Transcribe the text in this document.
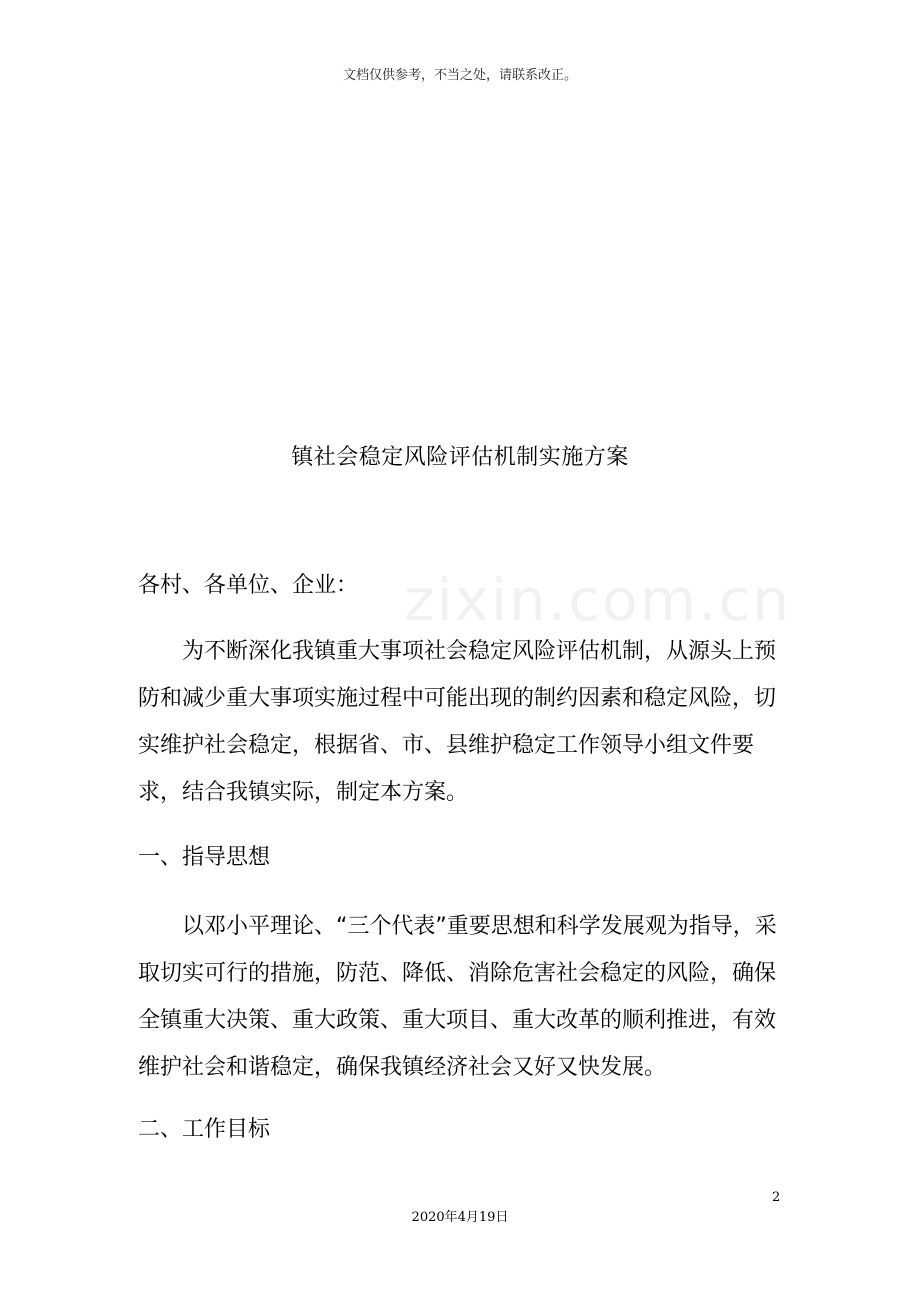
文档仅供参考，不当之处，请联系改正。
镇社会稳定风险评估机制实施方案
zixin.com.cn
各村、各单位、企业：

为不断深化我镇重大事项社会稳定风险评估机制，从源头上预防和减少重大事项实施过程中可能出现的制约因素和稳定风险，切实维护社会稳定，根据省、市、县维护稳定工作领导小组文件要求，结合我镇实际，制定本方案。

一、指导思想

以邓小平理论、“三个代表”重要思想和科学发展观为指导，采取切实可行的措施，防范、降低、消除危害社会稳定的风险，确保全镇重大决策、重大政策、重大项目、重大改革的顺利推进，有效维护社会和谐稳定，确保我镇经济社会又好又快发展。

二、工作目标
2
2020年4月19日
